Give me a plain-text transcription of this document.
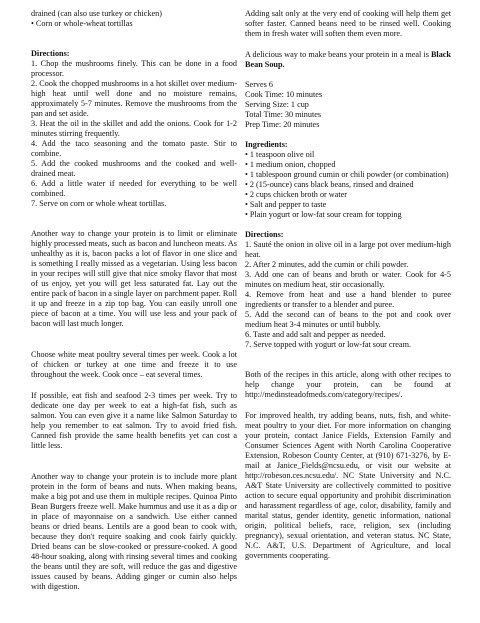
drained (can also use turkey or chicken)
• Corn or whole-wheat tortillas
Directions:
1. Chop the mushrooms finely. This can be done in a food processor.
2. Cook the chopped mushrooms in a hot skillet over medium-high heat until well done and no moisture remains, approximately 5-7 minutes. Remove the mushrooms from the pan and set aside.
3. Heat the oil in the skillet and add the onions. Cook for 1-2 minutes stirring frequently.
4. Add the taco seasoning and the tomato paste. Stir to combine.
5. Add the cooked mushrooms and the cooked and well-drained meat.
6. Add a little water if needed for everything to be well combined.
7. Serve on corn or whole wheat tortillas.

Another way to change your protein is to limit or eliminate highly processed meats, such as bacon and luncheon meats. As unhealthy as it is, bacon packs a lot of flavor in one slice and is something I really missed as a vegetarian. Using less bacon in your recipes will still give that nice smoky flavor that most of us enjoy, yet you will get less saturated fat. Lay out the entire pack of bacon in a single layer on parchment paper. Roll it up and freeze in a zip top bag. You can easily unroll one piece of bacon at a time. You will use less and your pack of bacon will last much longer.

Choose white meat poultry several times per week. Cook a lot of chicken or turkey at one time and freeze it to use throughout the week. Cook once – eat several times.

If possible, eat fish and seafood 2-3 times per week. Try to dedicate one day per week to eat a high-fat fish, such as salmon. You can even give it a name like Salmon Saturday to help you remember to eat salmon. Try to avoid fried fish. Canned fish provide the same health benefits yet can cost a little less.

Another way to change your protein is to include more plant protein in the form of beans and nuts. When making beans, make a big pot and use them in multiple recipes. Quinoa Pinto Bean Burgers freeze well. Make hummus and use it as a dip or in place of mayonnaise on a sandwich. Use either canned beans or dried beans. Lentils are a good bean to cook with, because they don't require soaking and cook fairly quickly. Dried beans can be slow-cooked or pressure-cooked. A good 48-hour soaking, along with rinsing several times and cooking the beans until they are soft, will reduce the gas and digestive issues caused by beans. Adding ginger or cumin also helps with digestion.

Adding salt only at the very end of cooking will help them get softer faster. Canned beans need to be rinsed well. Cooking them in fresh water will soften them even more.

A delicious way to make beans your protein in a meal is Black Bean Soup.

Serves 6
Cook Time: 10 minutes
Serving Size: 1 cup
Total Time: 30 minutes
Prep Time: 20 minutes
Ingredients:
• 1 teaspoon olive oil
• 1 medium onion, chopped
• 1 tablespoon ground cumin or chili powder (or combination)
• 2 (15-ounce) cans black beans, rinsed and drained
• 2 cups chicken broth or water
• Salt and pepper to taste
• Plain yogurt or low-fat sour cream for topping
Directions:
1. Sauté the onion in olive oil in a large pot over medium-high heat.
2. After 2 minutes, add the cumin or chili powder.
3. Add one can of beans and broth or water. Cook for 4-5 minutes on medium heat, stir occasionally.
4. Remove from heat and use a hand blender to puree ingredients or transfer to a blender and puree.
5. Add the second can of beans to the pot and cook over medium heat 3-4 minutes or until bubbly.
6. Taste and add salt and pepper as needed.
7. Serve topped with yogurt or low-fat sour cream.

Both of the recipes in this article, along with other recipes to help change your protein, can be found at http://medinsteadofmeds.com/category/recipes/.

For improved health, try adding beans, nuts, fish, and white-meat poultry to your diet. For more information on changing your protein, contact Janice Fields, Extension Family and Consumer Sciences Agent with North Carolina Cooperative Extension, Robeson County Center, at (910) 671-3276, by E-mail at Janice_Fields@ncsu.edu, or visit our website at http://robeson.ces.ncsu.edu/. NC State University and N.C. A&T State University are collectively committed to positive action to secure equal opportunity and prohibit discrimination and harassment regardless of age, color, disability, family and marital status, gender identity, genetic information, national origin, political beliefs, race, religion, sex (including pregnancy), sexual orientation, and veteran status. NC State, N.C. A&T, U.S. Department of Agriculture, and local governments cooperating.
